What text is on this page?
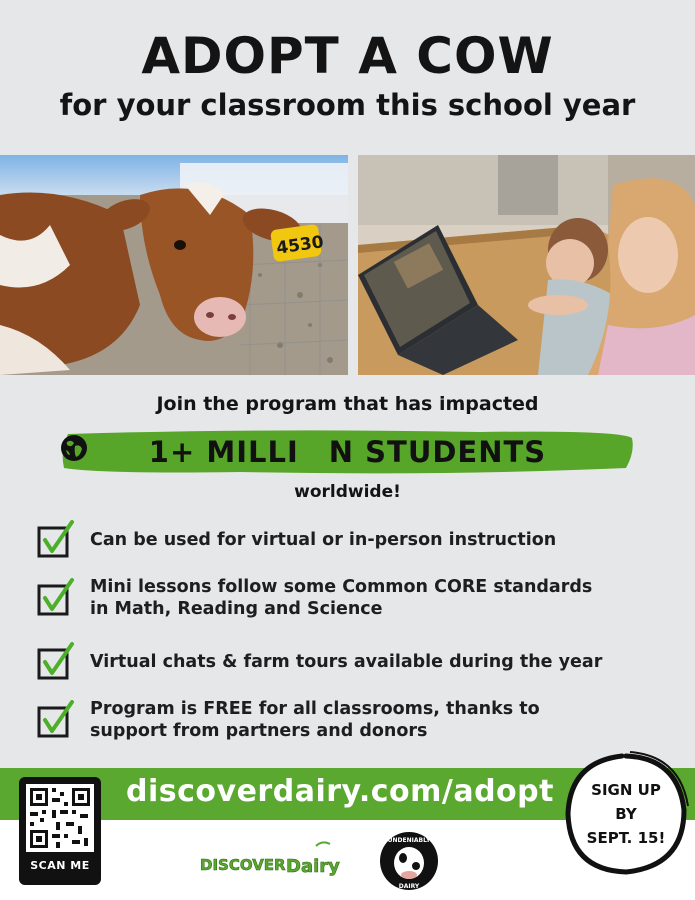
ADOPT A COW
for your classroom this school year
4530
Join the program that has impacted
1+ MILLI N STUDENTS
worldwide!
Can be used for virtual or in-person instruction
Mini lessons follow some Common CORE standards
in Math, Reading and Science
Virtual chats & farm tours available during the year
Program is FREE for all classrooms, thanks to
support from partners and donors
discoverdairy.com/adopt
SCAN ME	DISCOVER Dairy
UNDENIABLY
DAIRY	TM
SIGN UP
BY
SEPT. 15!
